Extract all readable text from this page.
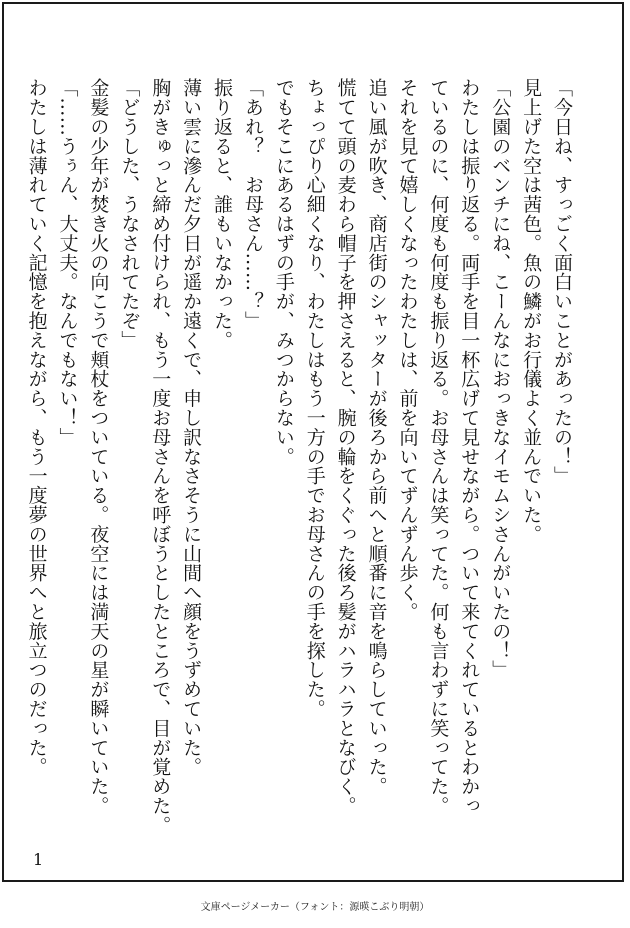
「今日ね、すっごく面白いことがあったの！」

見上げた空は茜色。魚の鱗がお行儀よく並んでいた。

「公園のベンチにね、こーんなにおっきなイモムシさんがいたの！」

わたしは振り返る。両手を目一杯広げて見せながら。ついて来てくれているとわかっ

ているのに、何度も何度も振り返る。お母さんは笑ってた。何も言わずに笑ってた。

それを見て嬉しくなったわたしは、前を向いてずんずん歩く。

追い風が吹き、商店街のシャッターが後ろから前へと順番に音を鳴らしていった。

慌てて頭の麦わら帽子を押さえると、腕の輪をくぐった後ろ髪がハラハラとなびく。

ちょっぴり心細くなり、わたしはもう一方の手でお母さんの手を探した。

でもそこにあるはずの手が、みつからない。

「あれ？　お母さん……？」

振り返ると、誰もいなかった。

薄い雲に滲んだ夕日が遥か遠くで、申し訳なさそうに山間へ顔をうずめていた。

胸がきゅっと締め付けられ、もう一度お母さんを呼ぼうとしたところで、目が覚めた。

「どうした、うなされてたぞ」

金髪の少年が焚き火の向こうで頬杖をついている。夜空には満天の星が瞬いていた。

「……うぅん、大丈夫。なんでもない！」

わたしは薄れていく記憶を抱えながら、もう一度夢の世界へと旅立つのだった。

1
文庫ページメーカー（フォント：源暎こぶり明朝）
